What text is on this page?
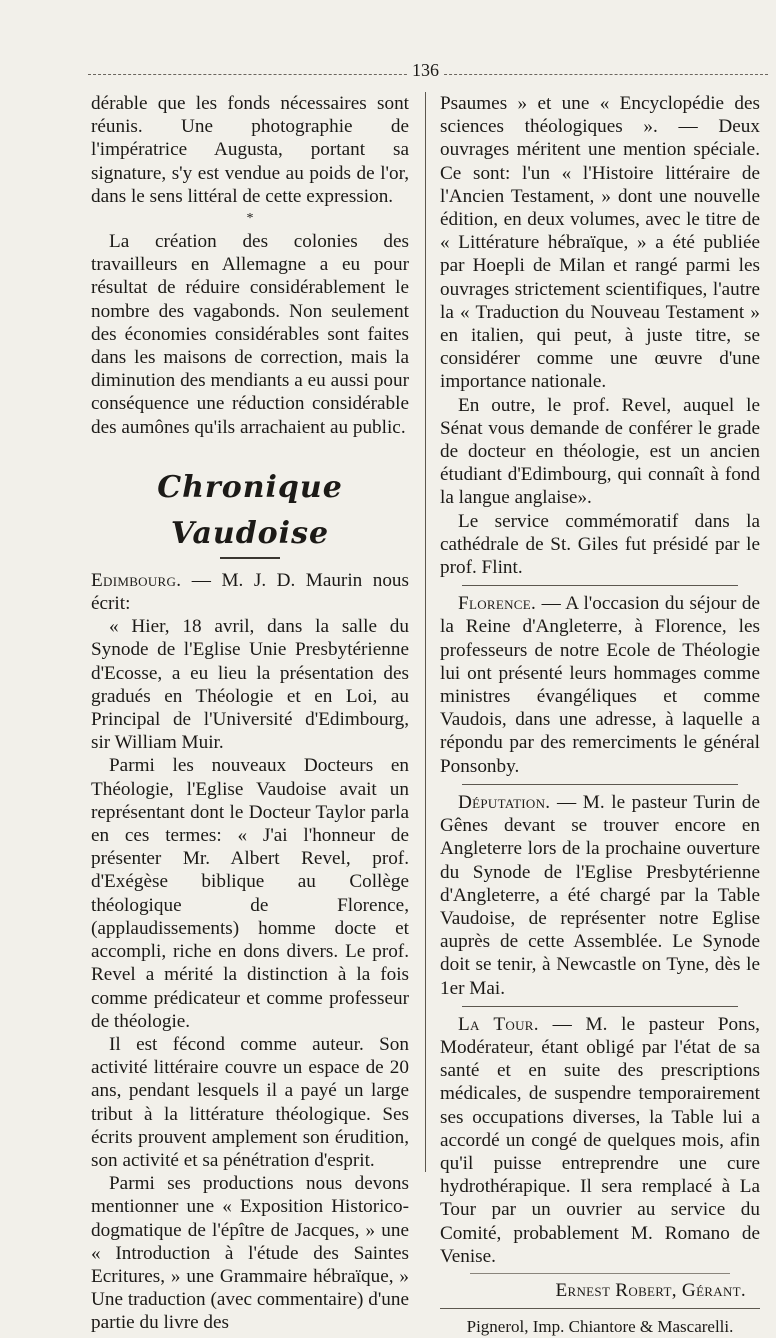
136

dérable que les fonds nécessaires sont réunis. Une photographie de l'impératrice Augusta, portant sa signature, s'y est vendue au poids de l'or, dans le sens littéral de cette expression.

*

La création des colonies des travailleurs en Allemagne a eu pour résultat de réduire considérablement le nombre des vagabonds. Non seulement des économies considérables sont faites dans les maisons de correction, mais la diminution des mendiants a eu aussi pour conséquence une réduction considérable des aumônes qu'ils arrachaient au public.

Chronique Vaudoise

Edimbourg. — M. J. D. Maurin nous écrit:

« Hier, 18 avril, dans la salle du Synode de l'Eglise Unie Presbytérienne d'Ecosse, a eu lieu la présentation des gradués en Théologie et en Loi, au Principal de l'Université d'Edimbourg, sir William Muir.

Parmi les nouveaux Docteurs en Théologie, l'Eglise Vaudoise avait un représentant dont le Docteur Taylor parla en ces termes: « J'ai l'honneur de présenter Mr. Albert Revel, prof. d'Exégèse biblique au Collège théologique de Florence, (applaudissements) homme docte et accompli, riche en dons divers. Le prof. Revel a mérité la distinction à la fois comme prédicateur et comme professeur de théologie.

Il est fécond comme auteur. Son activité littéraire couvre un espace de 20 ans, pendant lesquels il a payé un large tribut à la littérature théologique. Ses écrits prouvent amplement son érudition, son activité et sa pénétration d'esprit.

Parmi ses productions nous devons mentionner une « Exposition Historico-dogmatique de l'épître de Jacques, » une « Introduction à l'étude des Saintes Ecritures, » une Grammaire hébraïque, » Une traduction (avec commentaire) d'une partie du livre des

Psaumes » et une « Encyclopédie des sciences théologiques ». — Deux ouvrages méritent une mention spéciale. Ce sont: l'un « l'Histoire littéraire de l'Ancien Testament, » dont une nouvelle édition, en deux volumes, avec le titre de « Littérature hébraïque, » a été publiée par Hoepli de Milan et rangé parmi les ouvrages strictement scientifiques, l'autre la « Traduction du Nouveau Testament » en italien, qui peut, à juste titre, se considérer comme une œuvre d'une importance nationale.

En outre, le prof. Revel, auquel le Sénat vous demande de conférer le grade de docteur en théologie, est un ancien étudiant d'Edimbourg, qui connaît à fond la langue anglaise».

Le service commémoratif dans la cathédrale de St. Giles fut présidé par le prof. Flint.

Florence. — A l'occasion du séjour de la Reine d'Angleterre, à Florence, les professeurs de notre Ecole de Théologie lui ont présenté leurs hommages comme ministres évangéliques et comme Vaudois, dans une adresse, à laquelle a répondu par des remerciments le général Ponsonby.

Députation. — M. le pasteur Turin de Gênes devant se trouver encore en Angleterre lors de la prochaine ouverture du Synode de l'Eglise Presbytérienne d'Angleterre, a été chargé par la Table Vaudoise, de représenter notre Eglise auprès de cette Assemblée. Le Synode doit se tenir, à Newcastle on Tyne, dès le 1er Mai.

La Tour. — M. le pasteur Pons, Modérateur, étant obligé par l'état de sa santé et en suite des prescriptions médicales, de suspendre temporairement ses occupations diverses, la Table lui a accordé un congé de quelques mois, afin qu'il puisse entreprendre une cure hydrothérapique. Il sera remplacé à La Tour par un ouvrier au service du Comité, probablement M. Romano de Venise.

Ernest Robert, Gérant.

Pignerol, Imp. Chiantore & Mascarelli.
